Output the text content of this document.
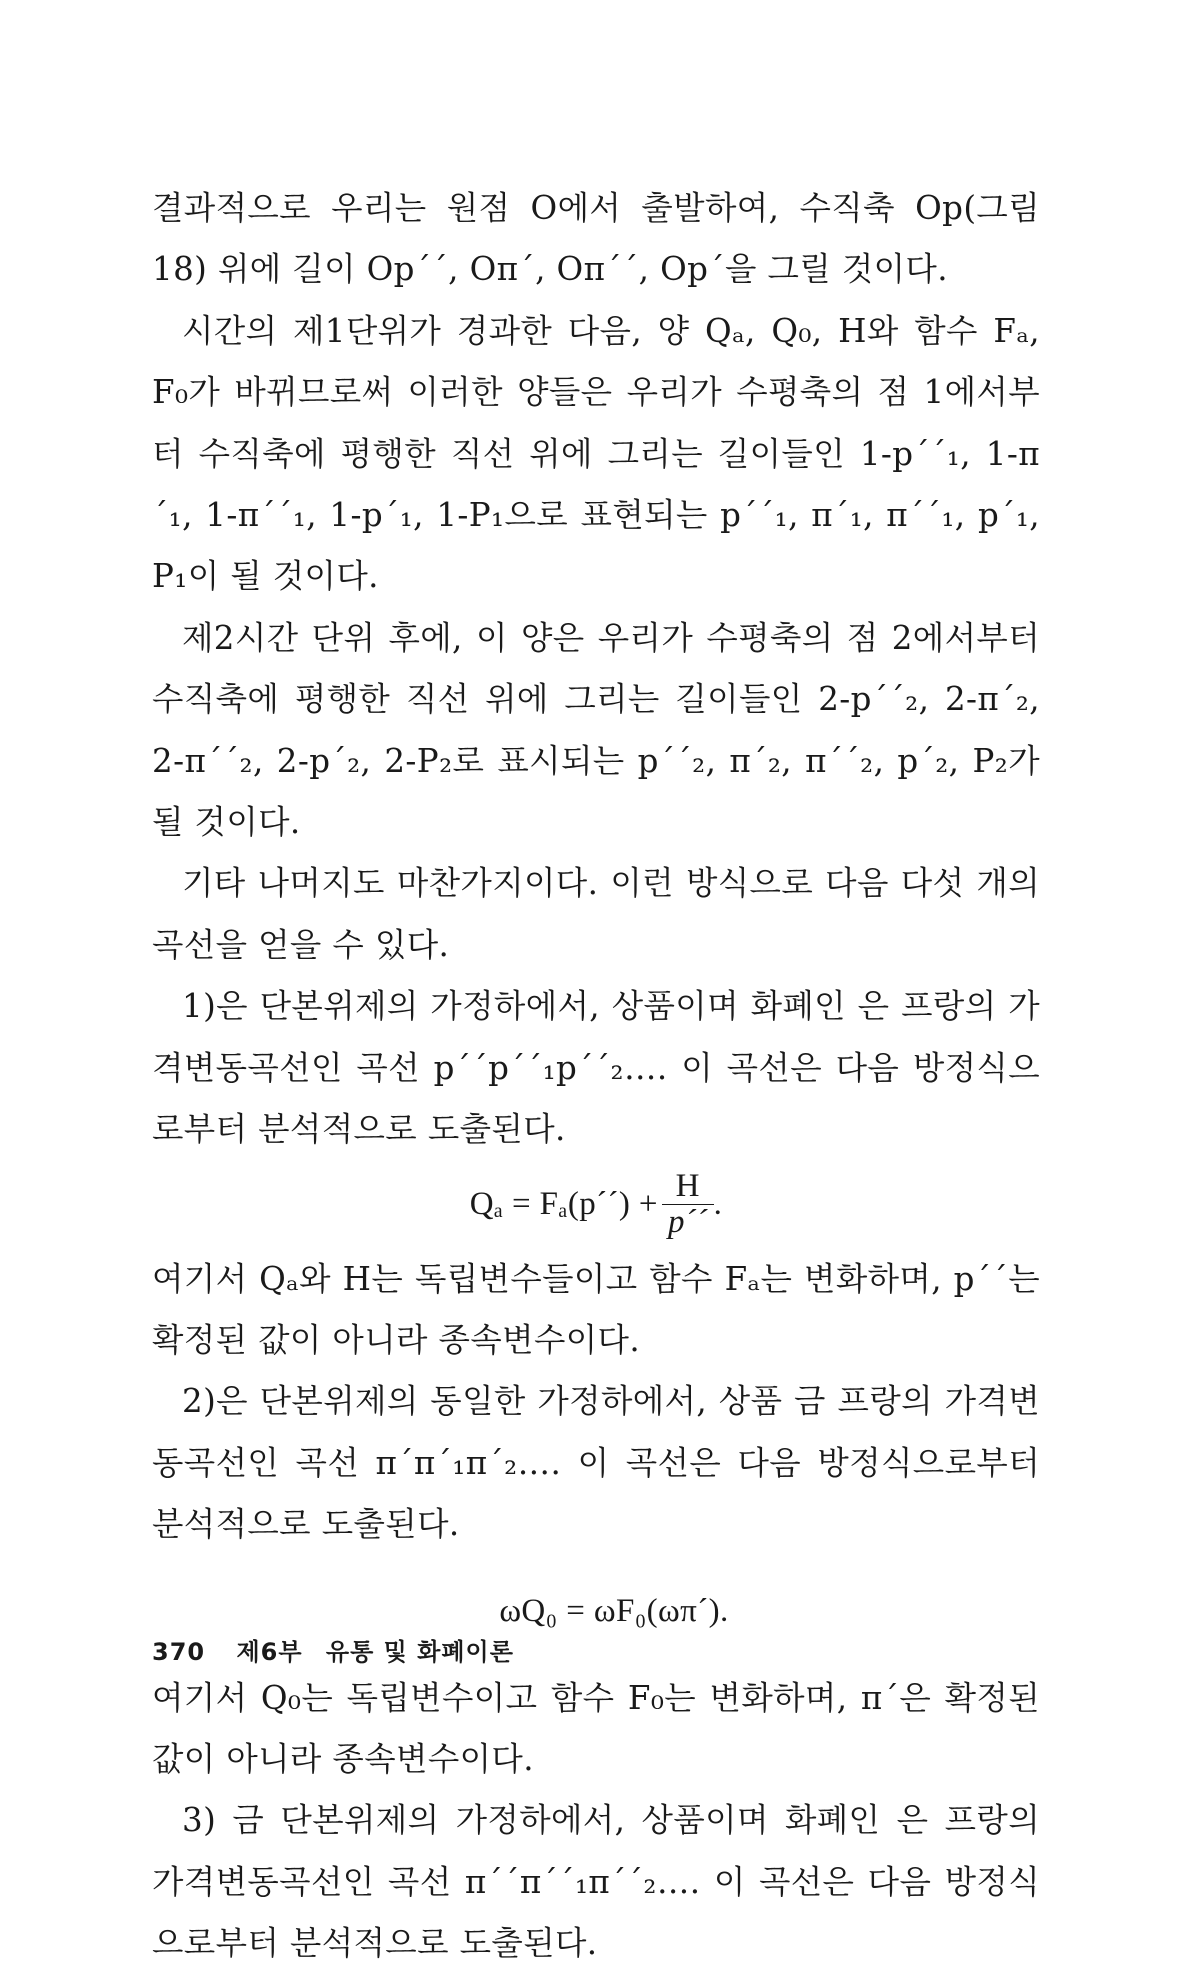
결과적으로 우리는 원점 O에서 출발하여, 수직축 Op(그림 18) 위에 길이 Op´´, Oπ´, Oπ´´, Op´을 그릴 것이다.

시간의 제1단위가 경과한 다음, 양 Qₐ, Q₀, H와 함수 Fₐ, F₀가 바뀌므로써 이러한 양들은 우리가 수평축의 점 1에서부터 수직축에 평행한 직선 위에 그리는 길이들인 1-p´´₁, 1-π´₁, 1-π´´₁, 1-p´₁, 1-P₁으로 표현되는 p´´₁, π´₁, π´´₁, p´₁, P₁이 될 것이다.

제2시간 단위 후에, 이 양은 우리가 수평축의 점 2에서부터 수직축에 평행한 직선 위에 그리는 길이들인 2-p´´₂, 2-π´₂, 2-π´´₂, 2-p´₂, 2-P₂로 표시되는 p´´₂, π´₂, π´´₂, p´₂, P₂가 될 것이다.

기타 나머지도 마찬가지이다. 이런 방식으로 다음 다섯 개의 곡선을 얻을 수 있다.

1)은 단본위제의 가정하에서, 상품이며 화폐인 은 프랑의 가격변동곡선인 곡선 p´´p´´₁p´´₂…. 이 곡선은 다음 방정식으로부터 분석적으로 도출된다.

Qₐ = Fₐ(p´´) + $\frac{H}{p´´}$ .

여기서 Qₐ와 H는 독립변수들이고 함수 Fₐ는 변화하며, p´´는 확정된 값이 아니라 종속변수이다.

2)은 단본위제의 동일한 가정하에서, 상품 금 프랑의 가격변동곡선인 곡선 π´π´₁π´₂…. 이 곡선은 다음 방정식으로부터 분석적으로 도출된다.

ωQ₀ = ωF₀(ωπ´).

여기서 Q₀는 독립변수이고 함수 F₀는 변화하며, π´은 확정된 값이 아니라 종속변수이다.

3) 금 단본위제의 가정하에서, 상품이며 화폐인 은 프랑의 가격변동곡선인 곡선 π´´π´´₁π´´₂…. 이 곡선은 다음 방정식으로부터 분석적으로 도출된다.

370 제6부 유통 및 화폐이론
